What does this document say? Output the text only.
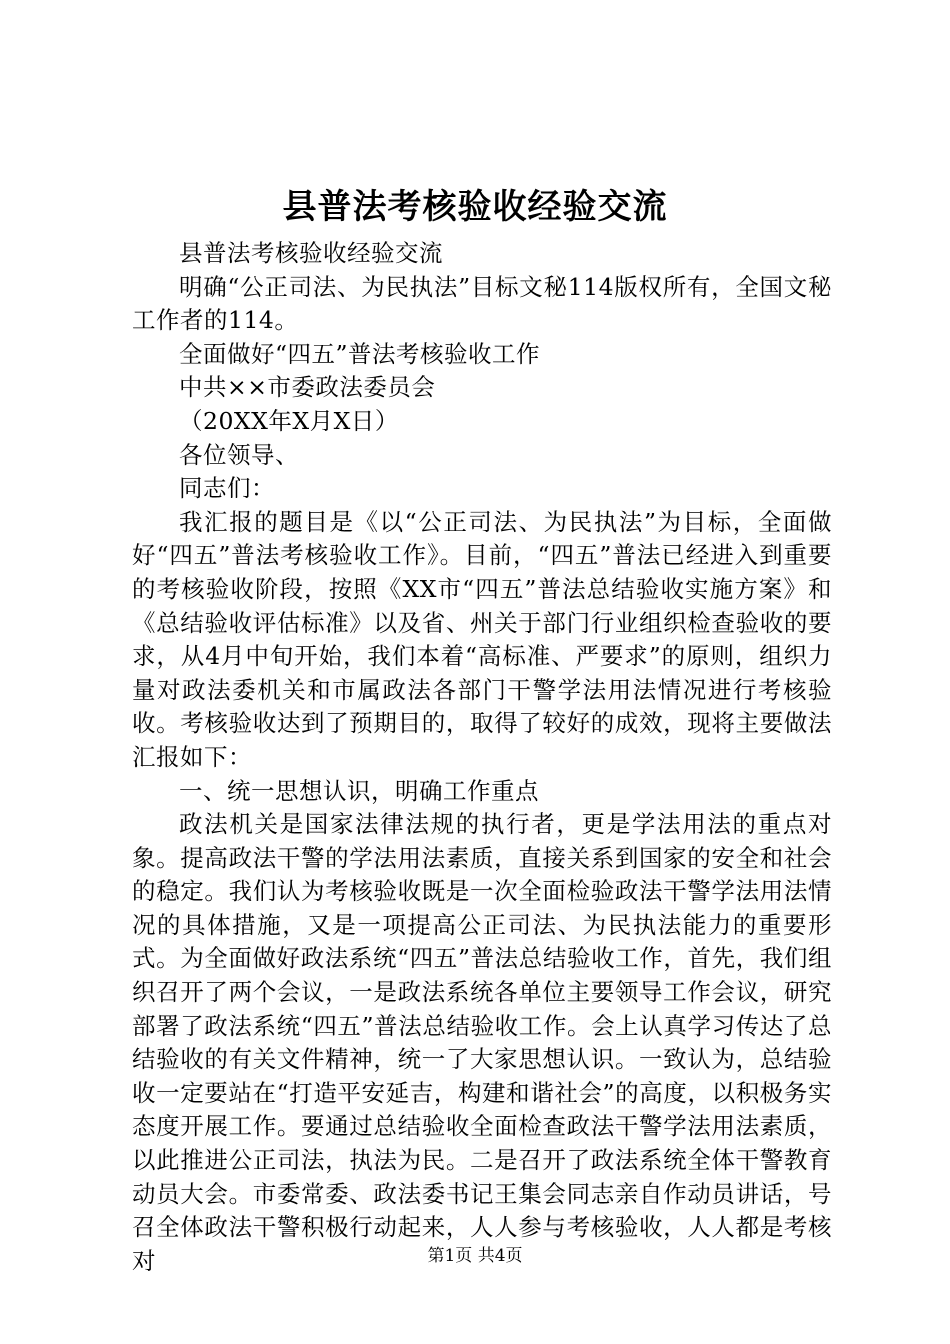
县普法考核验收经验交流

县普法考核验收经验交流

明确“公正司法、为民执法”目标文秘114版权所有，全国文秘工作者的114。

全面做好“四五”普法考核验收工作

中共××市委政法委员会

（20XX年X月X日）

各位领导、

同志们：

我汇报的题目是《以“公正司法、为民执法”为目标，全面做好“四五”普法考核验收工作》。目前，“四五”普法已经进入到重要的考核验收阶段，按照《XX市“四五”普法总结验收实施方案》和《总结验收评估标准》以及省、州关于部门行业组织检查验收的要求，从4月中旬开始，我们本着“高标准、严要求”的原则，组织力量对政法委机关和市属政法各部门干警学法用法情况进行考核验收。考核验收达到了预期目的，取得了较好的成效，现将主要做法汇报如下：

一、统一思想认识，明确工作重点

政法机关是国家法律法规的执行者，更是学法用法的重点对象。提高政法干警的学法用法素质，直接关系到国家的安全和社会的稳定。我们认为考核验收既是一次全面检验政法干警学法用法情况的具体措施，又是一项提高公正司法、为民执法能力的重要形式。为全面做好政法系统“四五”普法总结验收工作，首先，我们组织召开了两个会议，一是政法系统各单位主要领导工作会议，研究部署了政法系统“四五”普法总结验收工作。会上认真学习传达了总结验收的有关文件精神，统一了大家思想认识。一致认为，总结验收一定要站在“打造平安延吉，构建和谐社会”的高度，以积极务实态度开展工作。要通过总结验收全面检查政法干警学法用法素质，以此推进公正司法，执法为民。二是召开了政法系统全体干警教育动员大会。市委常委、政法委书记王集会同志亲自作动员讲话，号召全体政法干警积极行动起来，人人参与考核验收，人人都是考核对	第1页 共4页
